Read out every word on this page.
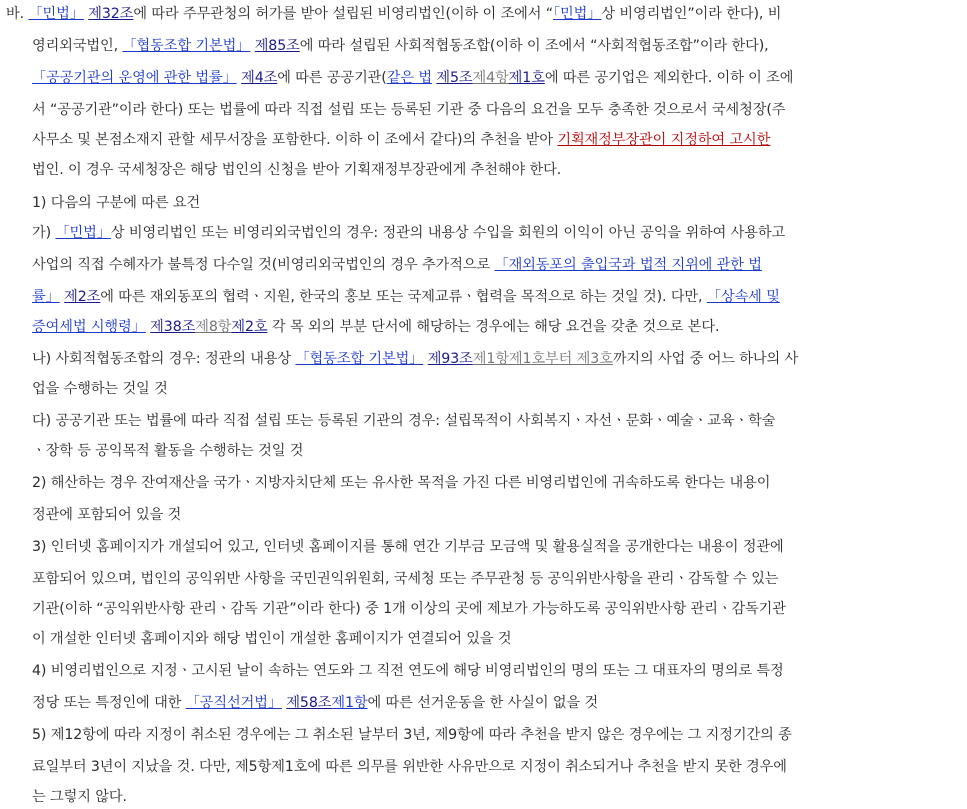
바. 「민법」 제32조에 따라 주무관청의 허가를 받아 설립된 비영리법인(이하 이 조에서 “「민법」상 비영리법인”이라 한다), 비
영리외국법인, 「협동조합 기본법」 제85조에 따라 설립된 사회적협동조합(이하 이 조에서 “사회적협동조합”이라 한다),
「공공기관의 운영에 관한 법률」 제4조에 따른 공공기관(같은 법 제5조제4항제1호에 따른 공기업은 제외한다. 이하 이 조에
서 “공공기관”이라 한다) 또는 법률에 따라 직접 설립 또는 등록된 기관 중 다음의 요건을 모두 충족한 것으로서 국세청장(주
사무소 및 본점소재지 관할 세무서장을 포함한다. 이하 이 조에서 같다)의 추천을 받아 기획재정부장관이 지정하여 고시한
법인. 이 경우 국세청장은 해당 법인의 신청을 받아 기획재정부장관에게 추천해야 한다.
1) 다음의 구분에 따른 요건
가) 「민법」상 비영리법인 또는 비영리외국법인의 경우: 정관의 내용상 수입을 회원의 이익이 아닌 공익을 위하여 사용하고
사업의 직접 수혜자가 불특정 다수일 것(비영리외국법인의 경우 추가적으로 「재외동포의 출입국과 법적 지위에 관한 법
률」 제2조에 따른 재외동포의 협력ㆍ지원, 한국의 홍보 또는 국제교류ㆍ협력을 목적으로 하는 것일 것). 다만, 「상속세 및
증여세법 시행령」 제38조제8항제2호 각 목 외의 부분 단서에 해당하는 경우에는 해당 요건을 갖춘 것으로 본다.
나) 사회적협동조합의 경우: 정관의 내용상 「협동조합 기본법」 제93조제1항제1호부터 제3호까지의 사업 중 어느 하나의 사
업을 수행하는 것일 것
다) 공공기관 또는 법률에 따라 직접 설립 또는 등록된 기관의 경우: 설립목적이 사회복지ㆍ자선ㆍ문화ㆍ예술ㆍ교육ㆍ학술
ㆍ장학 등 공익목적 활동을 수행하는 것일 것
2) 해산하는 경우 잔여재산을 국가ㆍ지방자치단체 또는 유사한 목적을 가진 다른 비영리법인에 귀속하도록 한다는 내용이
정관에 포함되어 있을 것
3) 인터넷 홈페이지가 개설되어 있고, 인터넷 홈페이지를 통해 연간 기부금 모금액 및 활용실적을 공개한다는 내용이 정관에
포함되어 있으며, 법인의 공익위반 사항을 국민권익위원회, 국세청 또는 주무관청 등 공익위반사항을 관리ㆍ감독할 수 있는
기관(이하 “공익위반사항 관리ㆍ감독 기관”이라 한다) 중 1개 이상의 곳에 제보가 가능하도록 공익위반사항 관리ㆍ감독기관
이 개설한 인터넷 홈페이지와 해당 법인이 개설한 홈페이지가 연결되어 있을 것
4) 비영리법인으로 지정ㆍ고시된 날이 속하는 연도와 그 직전 연도에 해당 비영리법인의 명의 또는 그 대표자의 명의로 특정
정당 또는 특정인에 대한 「공직선거법」 제58조제1항에 따른 선거운동을 한 사실이 없을 것
5) 제12항에 따라 지정이 취소된 경우에는 그 취소된 날부터 3년, 제9항에 따라 추천을 받지 않은 경우에는 그 지정기간의 종
료일부터 3년이 지났을 것. 다만, 제5항제1호에 따른 의무를 위반한 사유만으로 지정이 취소되거나 추천을 받지 못한 경우에
는 그렇지 않다.
